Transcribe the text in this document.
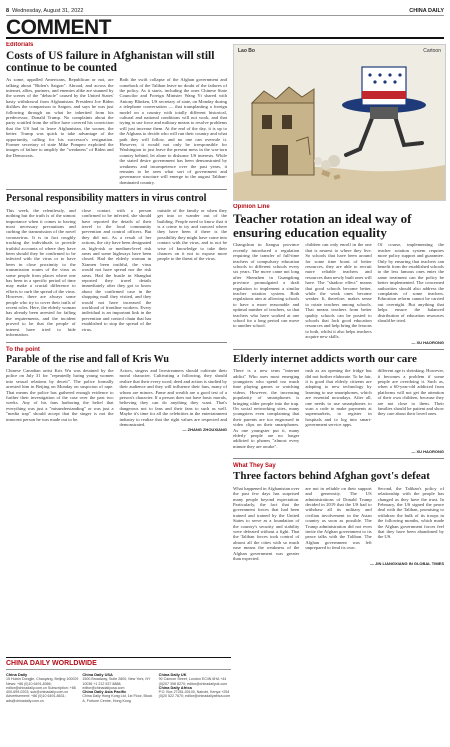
8 Wednesday, August 31, 2022	CHINA DAILY
COMMENT
Editorials
Costs of US failure in Afghanistan will still continue to be counted
As some, appalled Americans, Republican or not, are talking about "Biden's Saigon". Abroad, and across the internet, allies, partners, and enemies alike are stunned by the scenes of the "debacle" caused by the United States' hasty withdrawal from Afghanistan. President Joe Biden dislikes the comparison to Saigon, and says he was just following through on what he inherited from his predecessor, Donald Trump. No complaints about the party scuttled from the office have covered his conviction that the US had to leave Afghanistan, the sooner, the better. Trump was quick to take advantage of the opportunity, calling for his successor's resignation. Former secretary of state Mike Pompeo exploited the images of failure to amplify the "weakness" of Biden and the Democrats.
Both the swift collapse of the Afghan government and comeback of the Taliban leave no doubt of the failures of the policy. As it starts, including the ones Chinese State Councilor and Foreign Minister Wang Yi shared with Antony Blinken, US secretary of state, on Monday during a telephone conversation — that transplanting a foreign model on a country with totally different historical, cultural and national conditions will not work, and that trying to use force and military means to resolve problems will just increase them. At the end of the day, it is up to the Afghans to decide who will run their country and what path they will follow, and no one can overrule it. However, it would not only be irresponsible for Washington to just leave the present mess in the war-torn country behind, let alone to dishonor US interests. While the stated desire government has been demonstrated by weakness and incompetence over the past years, it remains to be seen what sort of government and governance structure will emerge in the august Taliban-dominated country.
Personal responsibility matters in virus control
This week, the relentlessly, and nothing but the truth is of the utmost importance when it comes to having most necessary precautions and curbing the transmission of the novel coronavirus. It is in fact roughly tracking the individuals to provide truthful accounts of where they have been should they be confirmed to be infected with the virus or to have been in close proximity to the transmission routes of the virus as some people from places where one has been in a specific period of time may make a crucial difference to efforts to curb the spread of the virus. However, there are always some people who try to cover their trails of recent roles. Here, the elderly woman has already been arrested for failing the requirements, and the incident proved to be that the people of interest have tried to hide information.
close contact with a person confirmed to be infected, she should have reported the details of their travel to the local community prevention and control officers. But they did not. As a result of her actions, the city have been designated as high-risk or medium-level risk areas and some highways have been closed. Had the elderly woman in Xiamen been truthful, the virus would not have spread nor the risk areas. Had the bustle in Shanghai reported they travel details immediately after they got to know about the confirmed case in the shopping mall they visited, and they would not have increased the workload of frontline workers. Every individual is an important link in the prevention and control chain that has established to stop the spread of the virus.
outside of the family or when they get into or wander out of the building. People need to know that it is a crime to try and conceal where they have been if there is the possibility they might have come into contact with the virus, and to not be wise of knowledge to take their chances on it not to expose more people to the threat of the virus.
To the point
Parable of the rise and fall of Kris Wu
Chinese Canadian artist Kris Wu was detained by the police on July 31 for "repeatedly luring young women into sexual relations by deceit". The police formally arrested him in Beijing on Monday on suspicion of rape. That means the police has gathered enough evidence to further their investigation of the case over the past two weeks. Any of his fans harboring the belief that everything was just a "misunderstanding" or was just a "media trap" should accept that the singer is not the innocent person he was made out to be.
Actors, singers and livestreamers should cultivate their moral character. Cultivating a following, they should realize that their every word, deed and action is studied by their audience and they will influence their fans, many of whom are minors. Fame and wealth are a good test of a person's character. If a person does not have basic morals, believing they can do anything they want. That's dangerous not to fans and their fans to such as well. Maybe it's time for all the celebrities in the entertainment industry to realize that the right values are respected and demonstrated.
— ZHANG ZHOUXIANG
CHINA DAILY WORLDWIDE
China Daily
15 Huixin Dongjie, Chaoyang, Beijing 100029 News: +86 (0)10 6491-8366; editor@chinadaily.com.cn Subscription: +86 400-699-0203; sub@chinadaily.com.cn Advertisement: +86 (0)10 6491-8631; ads@chinadaily.com.cn
China Daily USA
1500 Broadway, Suite 2800, New York, NY 10036 +1 212 537 8888; editor@chinadailyusa.com
China Daily Asia Pacific
China Daily Hong Kong Ltd, 1st Floor, Block A, Fortune Centre, Hong Kong
China Daily UK
90 Cannon Street, London EC4N 6HA +44 (0)207 398 8270; editor@chinadailyuk.com
China Daily Africa
P.O. Box 27281-00100, Nairobi, Kenya +254 (0)20 522 7670; editor@chinadailyafrica.com
Lao Bo	Cartoon
Opinion Line
Teacher rotation an ideal way of ensuring education equality
Changchun in Jiangsu province recently introduced a regulation requiring the transfer of full-time teachers of compulsory education schools to different schools every six years. The move came not long after Shenzhen in Guangdong province promulgated a draft regulation to implement a similar teacher rotation system. Both regulations aim at allowing schools to have a more reasonable and optimal number of teachers, so that teachers who have worked at one school for a long period can move to another school.
children can only enroll in the one that is nearest to where they live. So schools that have been around for some time boast of better resources, they are able to recruit more reliable teachers and resources than newly built ones will have. The "shadow effect" means that good schools become better, while the weak ones become weaker. It, therefore, makes sense to rotate teachers among schools. That means teachers from better quality schools can be posted to schools that lack good education resources and help bring the lessons to both, whilst it also helps teachers acquire new skills.
Of course, implementing the teacher rotation system requires more policy support and guarantee. Only by ensuring that teachers can benefit from the established schools to the less famous ones enter the same treatment can the policy be better implemented. The concerned authorities should also address the complaints of some teachers. Education reform cannot be carried out overnight. But anything that helps ensure the balanced distribution of education resources should be tried.
— XU HAORONG
Elderly internet addicts worth our care
There is a new term "internet addict" Who uses most emerging youngsters who spend too much time playing games or watching videos. However, the increasing popularity of smartphones is bringing older people into the trap. On social networking sites, many youngsters even complaining that their parents are too engrossed in video clips on their smartphones. As one youngster put it, many elderly people are no longer addicted to phones "almost every minute they are awake".
rush as an opening the fridge but did not further elaborate. To be fair, it is good that elderly citizens are adapting to new technology by learning to use smartphones, which are essential nowadays. After all, one needs to use smartphones to scan a code to make payments at supermarkets, to register in hospitals and to log into smart-government service apps.
different age is shrinking. However, it becomes a problem if some people are overdoing it. Such as, when a 60-year-old addicted from platforms will not get the attention of their own children, because they are not close to them. Their families should be patient and show they care about their loved ones.
— XU HAORONG
What They Say
Three factors behind Afghan govt's defeat
What happened in Afghanistan over the past few days has surprised many people beyond expectation. Particularly, the fact that the government forces that had been trained and trained by the United States to serve as a foundation of the country's security and stability were defeated without a fight. That the Taliban forces took control of almost all the cities with so much ease means the weakness of the Afghan government was greater than expected.
are not in reliable on their support and generosity. The US administrations of Donald Trump decided in 2019 that the US had to withdraw all its military and civilian involvement in the Asian country as soon as possible. The Trump administration did not even invite the Afghan government to its peace talks with the Taliban. The Afghan government was left unprepared to fend its own.
Second, the Taliban's policy of relationship with the people has changed as they have the trust. In February, the US signed the peace deal with the Taliban, promising to withdraw the bulk of its troops in the following months, which made the Afghan government forces feel that they have been abandoned by the US.
— JIN LIANGXIANG IN GLOBAL TIMES
